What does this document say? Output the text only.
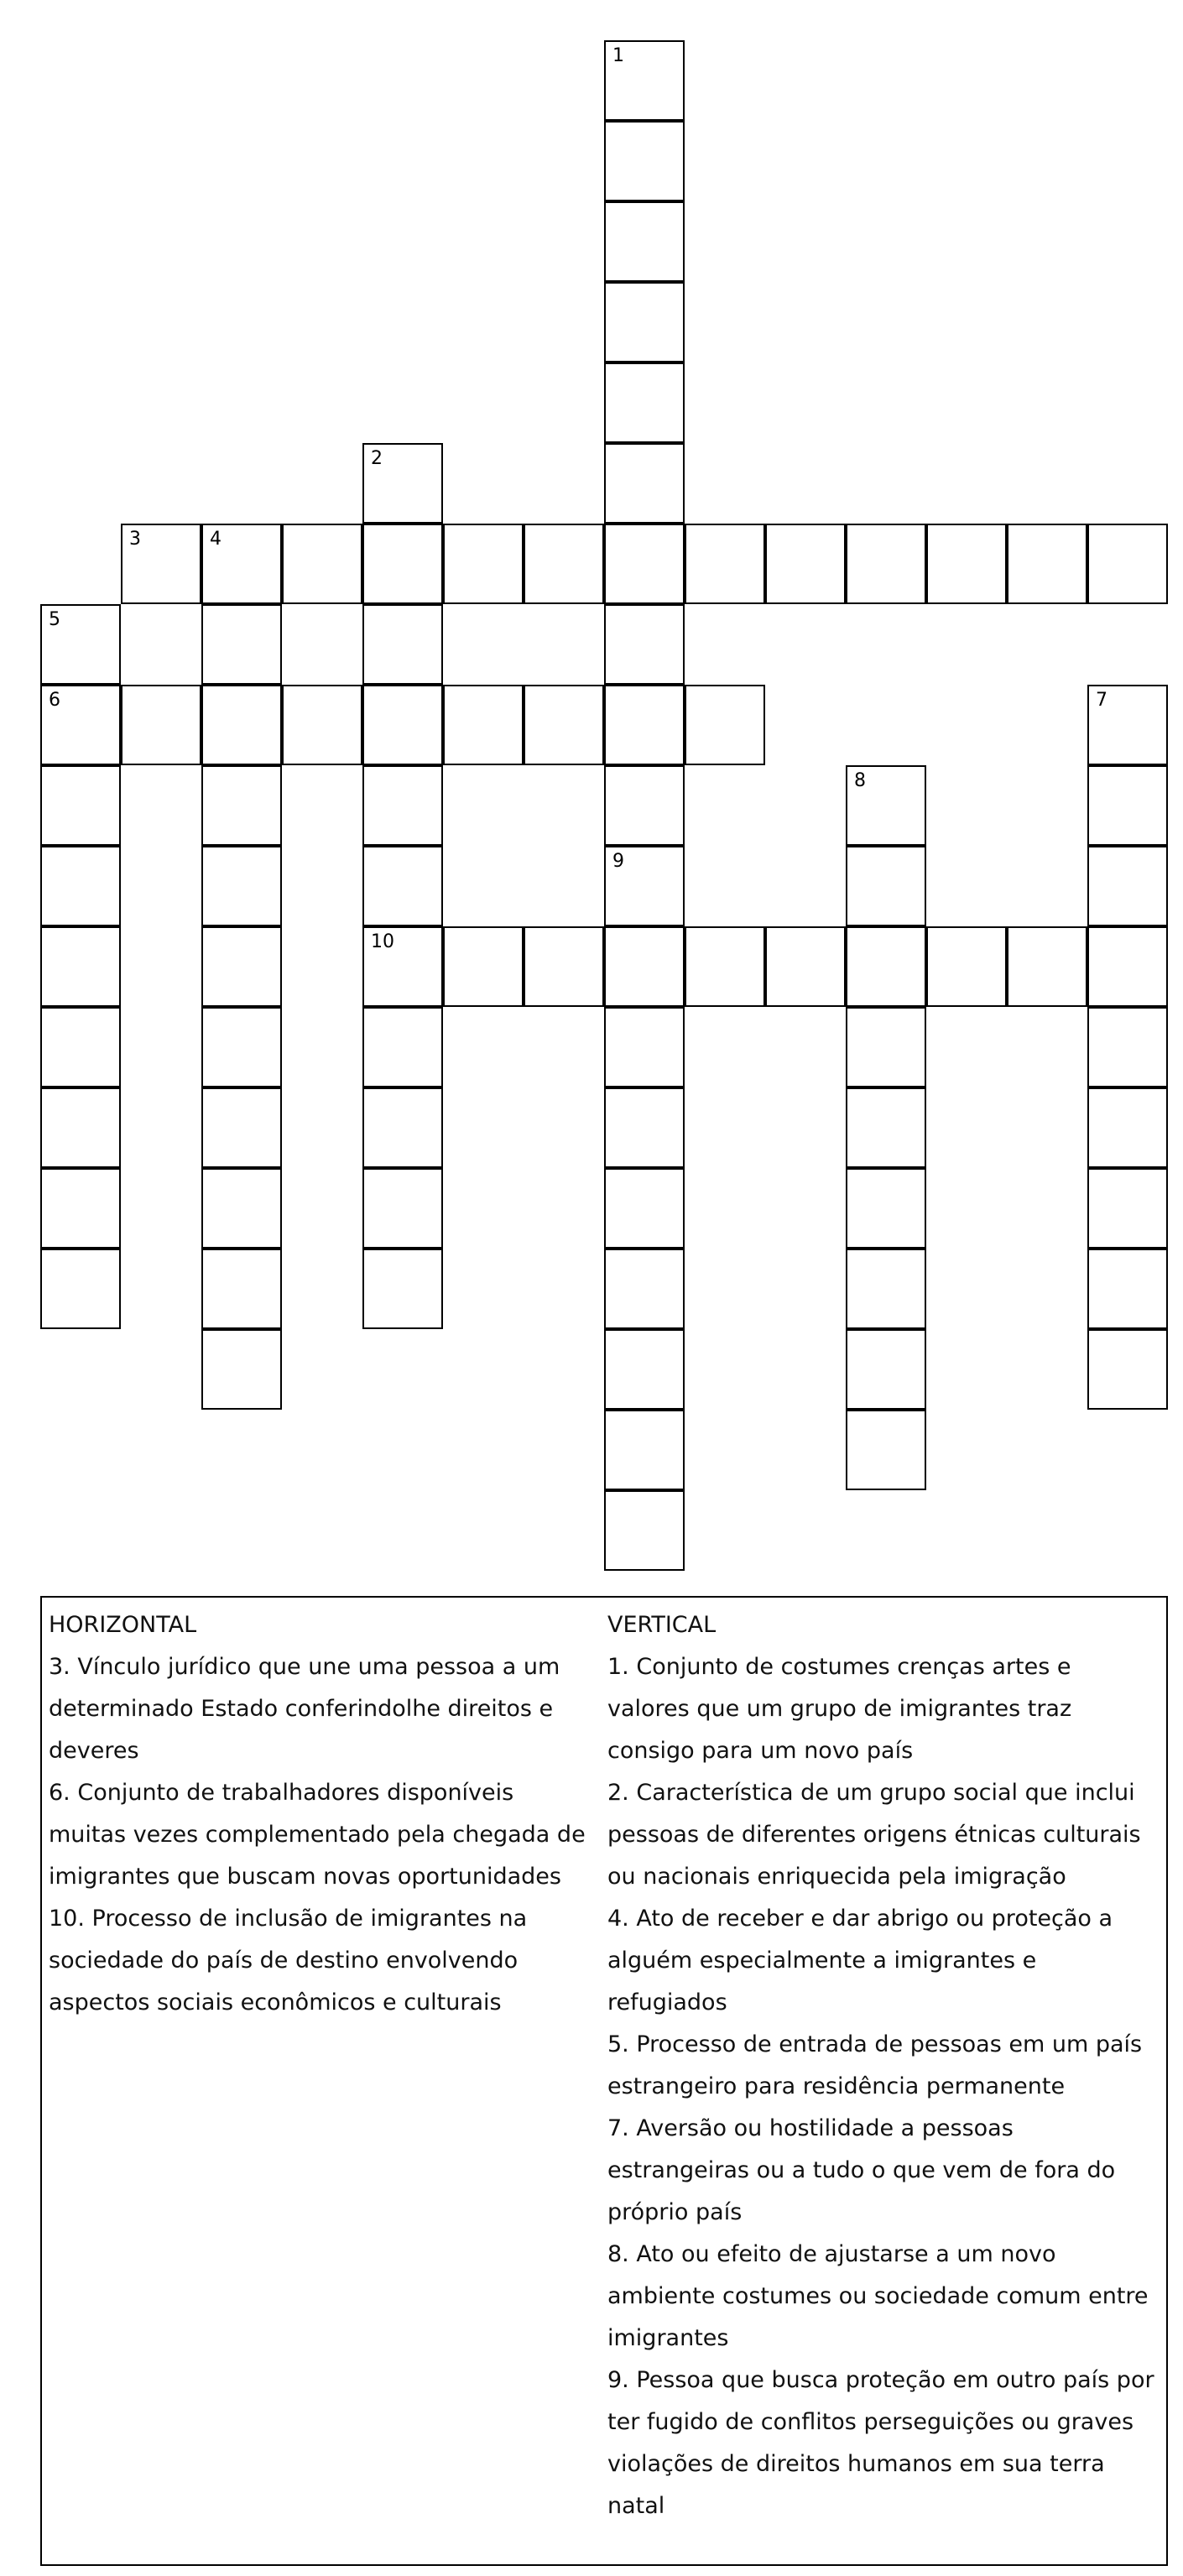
1
9
2
10
3	4
5
6	7
8

HORIZONTAL

3. Vínculo jurídico que une uma pessoa a um
determinado Estado conferindolhe direitos e
deveres
6. Conjunto de trabalhadores disponíveis
muitas vezes complementado pela chegada de
imigrantes que buscam novas oportunidades
10. Processo de inclusão de imigrantes na
sociedade do país de destino envolvendo
aspectos sociais econômicos e culturais

VERTICAL

1. Conjunto de costumes crenças artes e
valores que um grupo de imigrantes traz
consigo para um novo país
2. Característica de um grupo social que inclui
pessoas de diferentes origens étnicas culturais
ou nacionais enriquecida pela imigração
4. Ato de receber e dar abrigo ou proteção a
alguém especialmente a imigrantes e
refugiados
5. Processo de entrada de pessoas em um país
estrangeiro para residência permanente
7. Aversão ou hostilidade a pessoas
estrangeiras ou a tudo o que vem de fora do
próprio país
8. Ato ou efeito de ajustarse a um novo
ambiente costumes ou sociedade comum entre
imigrantes
9. Pessoa que busca proteção em outro país por
ter fugido de conflitos perseguições ou graves
violações de direitos humanos em sua terra
natal
